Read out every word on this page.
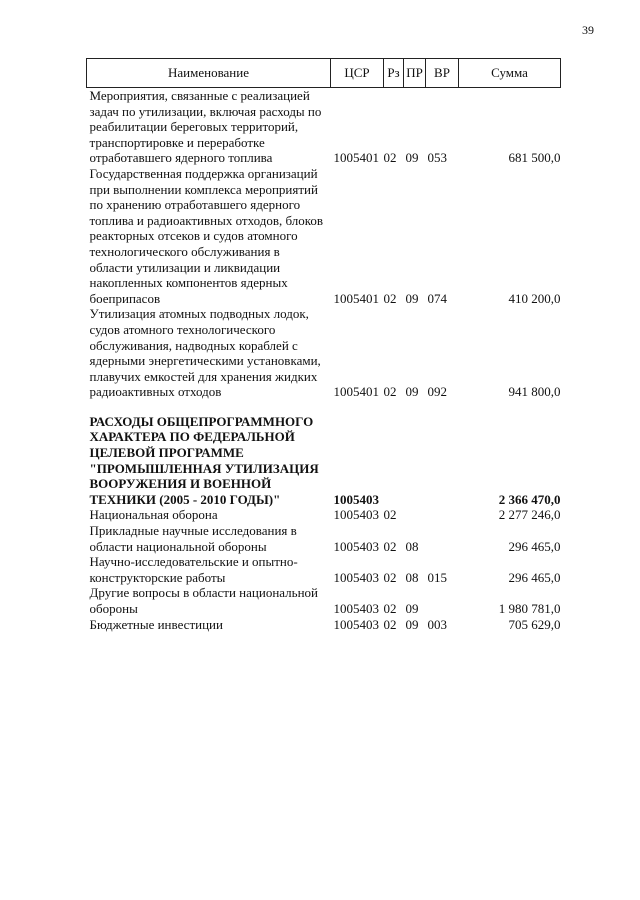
39
Наименование	ЦСР	Рз	ПР	ВР	Сумма
Мероприятия, связанные с реализацией задач по утилизации, включая расходы по реабилитации береговых территорий, транспортировке и переработке отработавшего ядерного топлива	1005401	02	09	053	681 500,0
Государственная поддержка организаций при выполнении комплекса мероприятий по хранению отработавшего ядерного топлива и радиоактивных отходов, блоков реакторных отсеков и судов атомного технологического обслуживания в области утилизации и ликвидации накопленных компонентов ядерных боеприпасов	1005401	02	09	074	410 200,0
Утилизация атомных подводных лодок, судов атомного технологического обслуживания, надводных кораблей с ядерными энергетическими установками, плавучих емкостей для хранения жидких радиоактивных отходов	1005401	02	09	092	941 800,0

РАСХОДЫ ОБЩЕПРОГРАММНОГО ХАРАКТЕРА ПО ФЕДЕРАЛЬНОЙ ЦЕЛЕВОЙ ПРОГРАММЕ "ПРОМЫШЛЕННАЯ УТИЛИЗАЦИЯ ВООРУЖЕНИЯ И ВОЕННОЙ ТЕХНИКИ (2005 - 2010 ГОДЫ)"	1005403				2 366 470,0
Национальная оборона	1005403	02			2 277 246,0
Прикладные научные исследования в области национальной обороны	1005403	02	08		296 465,0
Научно-исследовательские и опытно-конструкторские работы	1005403	02	08	015	296 465,0
Другие вопросы в области национальной обороны	1005403	02	09		1 980 781,0
Бюджетные инвестиции	1005403	02	09	003	705 629,0
